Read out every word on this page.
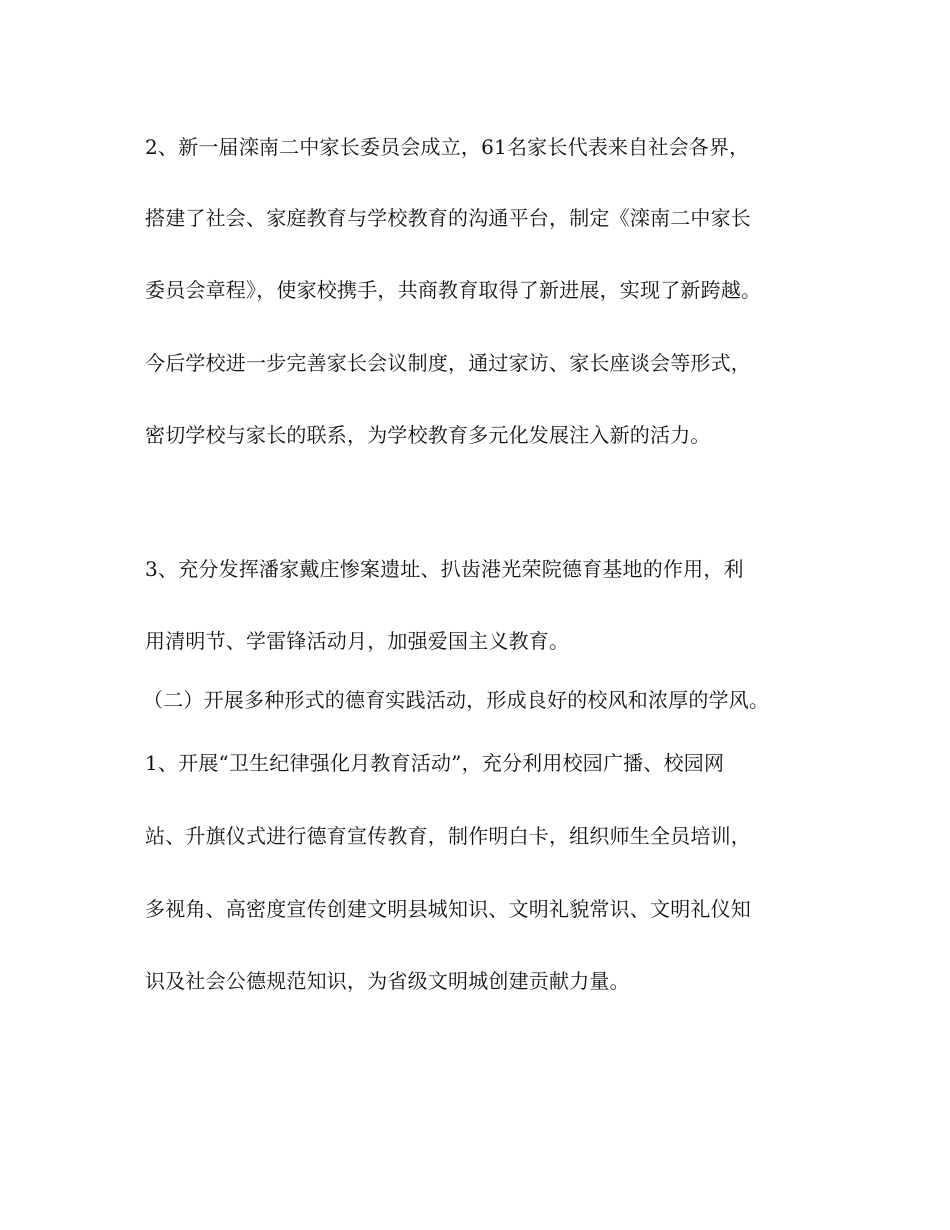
2、新一届滦南二中家长委员会成立，61名家长代表来自社会各界，
搭建了社会、家庭教育与学校教育的沟通平台，制定《滦南二中家长
委员会章程》，使家校携手，共商教育取得了新进展，实现了新跨越。
今后学校进一步完善家长会议制度，通过家访、家长座谈会等形式，
密切学校与家长的联系，为学校教育多元化发展注入新的活力。
3、充分发挥潘家戴庄惨案遗址、扒齿港光荣院德育基地的作用，利
用清明节、学雷锋活动月，加强爱国主义教育。
（二）开展多种形式的德育实践活动，形成良好的校风和浓厚的学风。
1、开展“卫生纪律强化月教育活动”，充分利用校园广播、校园网
站、升旗仪式进行德育宣传教育，制作明白卡，组织师生全员培训，
多视角、高密度宣传创建文明县城知识、文明礼貌常识、文明礼仪知
识及社会公德规范知识，为省级文明城创建贡献力量。
